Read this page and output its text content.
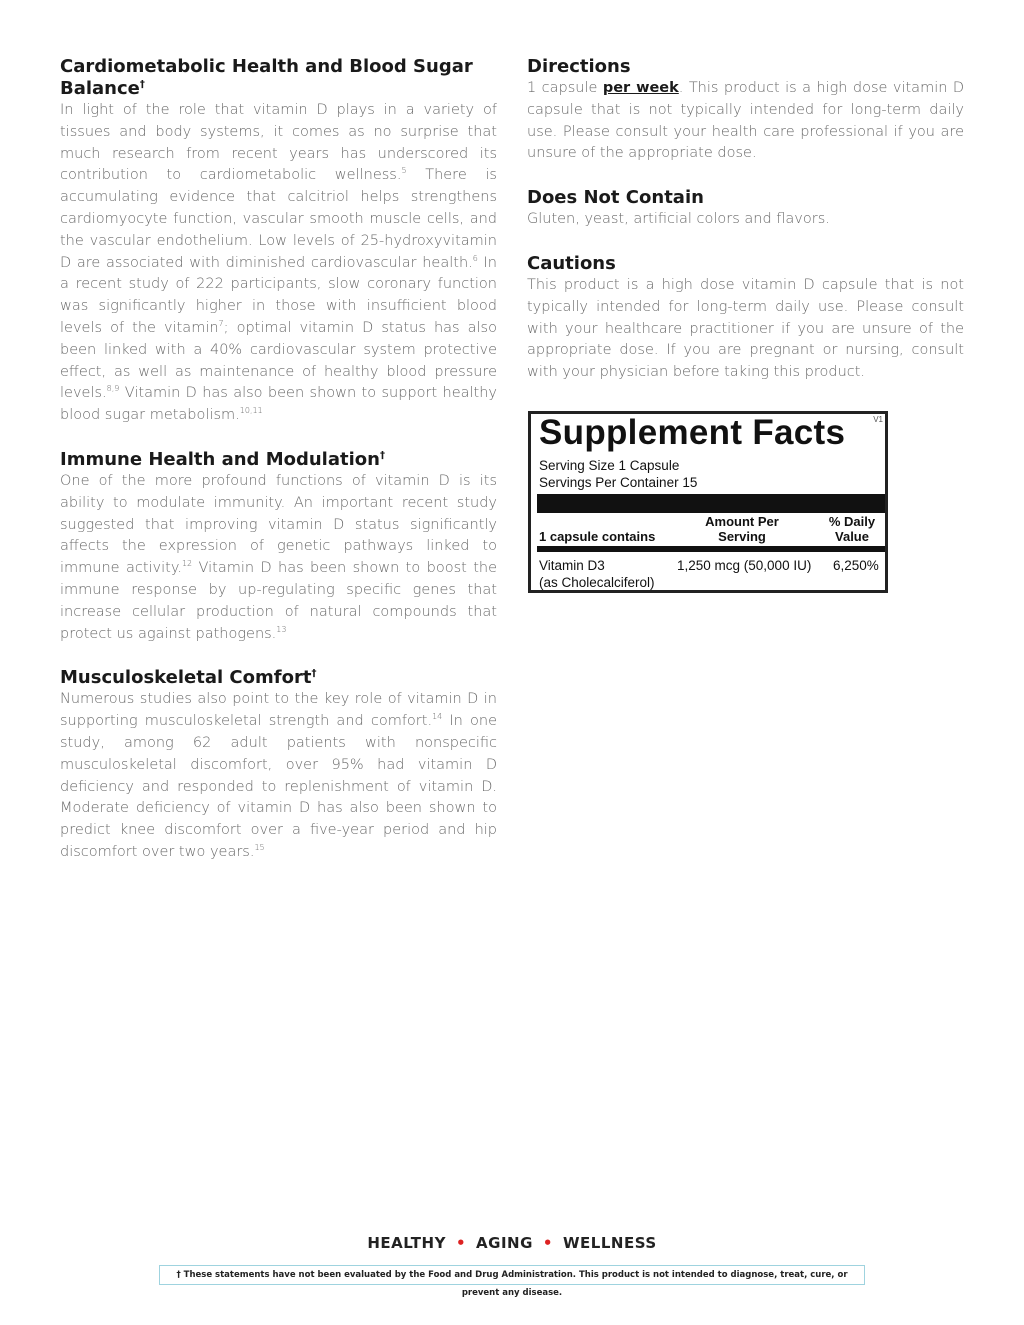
Cardiometabolic Health and Blood Sugar Balance†

In light of the role that vitamin D plays in a variety of tissues and body systems, it comes as no surprise that much research from recent years has underscored its contribution to cardiometabolic wellness.$^5$ There is accumulating evidence that calcitriol helps strengthens cardiomyocyte function, vascular smooth muscle cells, and the vascular endothelium. Low levels of 25-hydroxyvitamin D are associated with diminished cardiovascular health.$^6$ In a recent study of 222 participants, slow coronary function was significantly higher in those with insufficient blood levels of the vitamin$^7$; optimal vitamin D status has also been linked with a 40% cardiovascular system protective effect, as well as maintenance of healthy blood pressure levels.$^{8,9}$ Vitamin D has also been shown to support healthy blood sugar metabolism.$^{10,11}$

Immune Health and Modulation†

One of the more profound functions of vitamin D is its ability to modulate immunity. An important recent study suggested that improving vitamin D status significantly affects the expression of genetic pathways linked to immune activity.$^{12}$ Vitamin D has been shown to boost the immune response by up-regulating specific genes that increase cellular production of natural compounds that protect us against pathogens.$^{13}$

Musculoskeletal Comfort†

Numerous studies also point to the key role of vitamin D in supporting musculoskeletal strength and comfort.$^{14}$ In one study, among 62 adult patients with nonspecific musculoskeletal discomfort, over 95% had vitamin D deficiency and responded to replenishment of vitamin D. Moderate deficiency of vitamin D has also been shown to predict knee discomfort over a five-year period and hip discomfort over two years.$^{15}$

Directions

1 capsule per week. This product is a high dose vitamin D capsule that is not typically intended for long-term daily use. Please consult your health care professional if you are unsure of the appropriate dose.

Does Not Contain

Gluten, yeast, artificial colors and flavors.

Cautions

This product is a high dose vitamin D capsule that is not typically intended for long-term daily use. Please consult with your healthcare practitioner if you are unsure of the appropriate dose. If you are pregnant or nursing, consult with your physician before taking this product.

Supplement Facts	V1
Serving Size 1 Capsule
Servings Per Container 15
1 capsule contains
Amount Per
Serving
% Daily
Value
Vitamin D3
(as Cholecalciferol)
1,250 mcg (50,000 IU) 6,250%
HEALTHY • AGING • WELLNESS
† These statements have not been evaluated by the Food and Drug Administration. This product is not intended to diagnose, treat, cure, or prevent any disease.
